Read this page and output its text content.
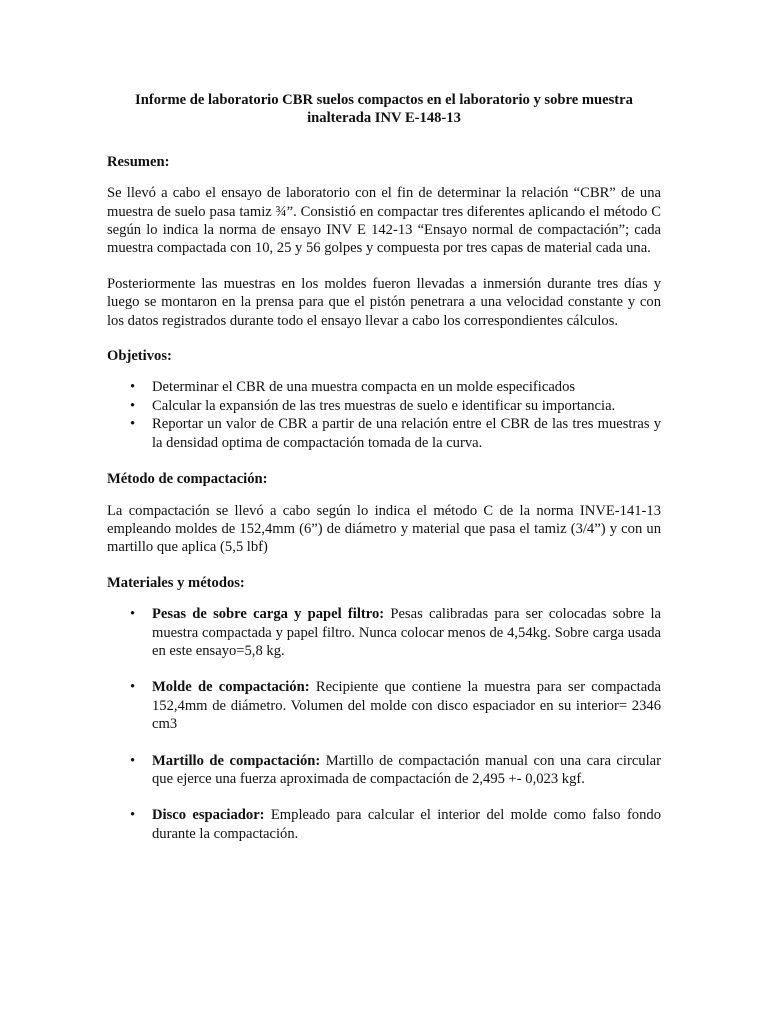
Informe de laboratorio CBR suelos compactos en el laboratorio y sobre muestra inalterada INV E-148-13
Resumen:

Se llevó a cabo el ensayo de laboratorio con el fin de determinar la relación “CBR” de una muestra de suelo pasa tamiz ¾”. Consistió en compactar tres diferentes aplicando el método C según lo indica la norma de ensayo INV E 142-13 “Ensayo normal de compactación”; cada muestra compactada con 10, 25 y 56 golpes y compuesta por tres capas de material cada una.

Posteriormente las muestras en los moldes fueron llevadas a inmersión durante tres días y luego se montaron en la prensa para que el pistón penetrara a una velocidad constante y con los datos registrados durante todo el ensayo llevar a cabo los correspondientes cálculos.

Objetivos:
• Determinar el CBR de una muestra compacta en un molde especificados
• Calcular la expansión de las tres muestras de suelo e identificar su importancia.
• Reportar un valor de CBR a partir de una relación entre el CBR de las tres muestras y la densidad optima de compactación tomada de la curva.
Método de compactación:

La compactación se llevó a cabo según lo indica el método C de la norma INVE-141-13 empleando moldes de 152,4mm (6”) de diámetro y material que pasa el tamiz (3/4”) y con un martillo que aplica (5,5 lbf)

Materiales y métodos:
• Pesas de sobre carga y papel filtro: Pesas calibradas para ser colocadas sobre la muestra compactada y papel filtro. Nunca colocar menos de 4,54kg. Sobre carga usada en este ensayo=5,8 kg.
• Molde de compactación: Recipiente que contiene la muestra para ser compactada 152,4mm de diámetro. Volumen del molde con disco espaciador en su interior= 2346 cm3
• Martillo de compactación: Martillo de compactación manual con una cara circular que ejerce una fuerza aproximada de compactación de 2,495 +- 0,023 kgf.
• Disco espaciador: Empleado para calcular el interior del molde como falso fondo durante la compactación.
